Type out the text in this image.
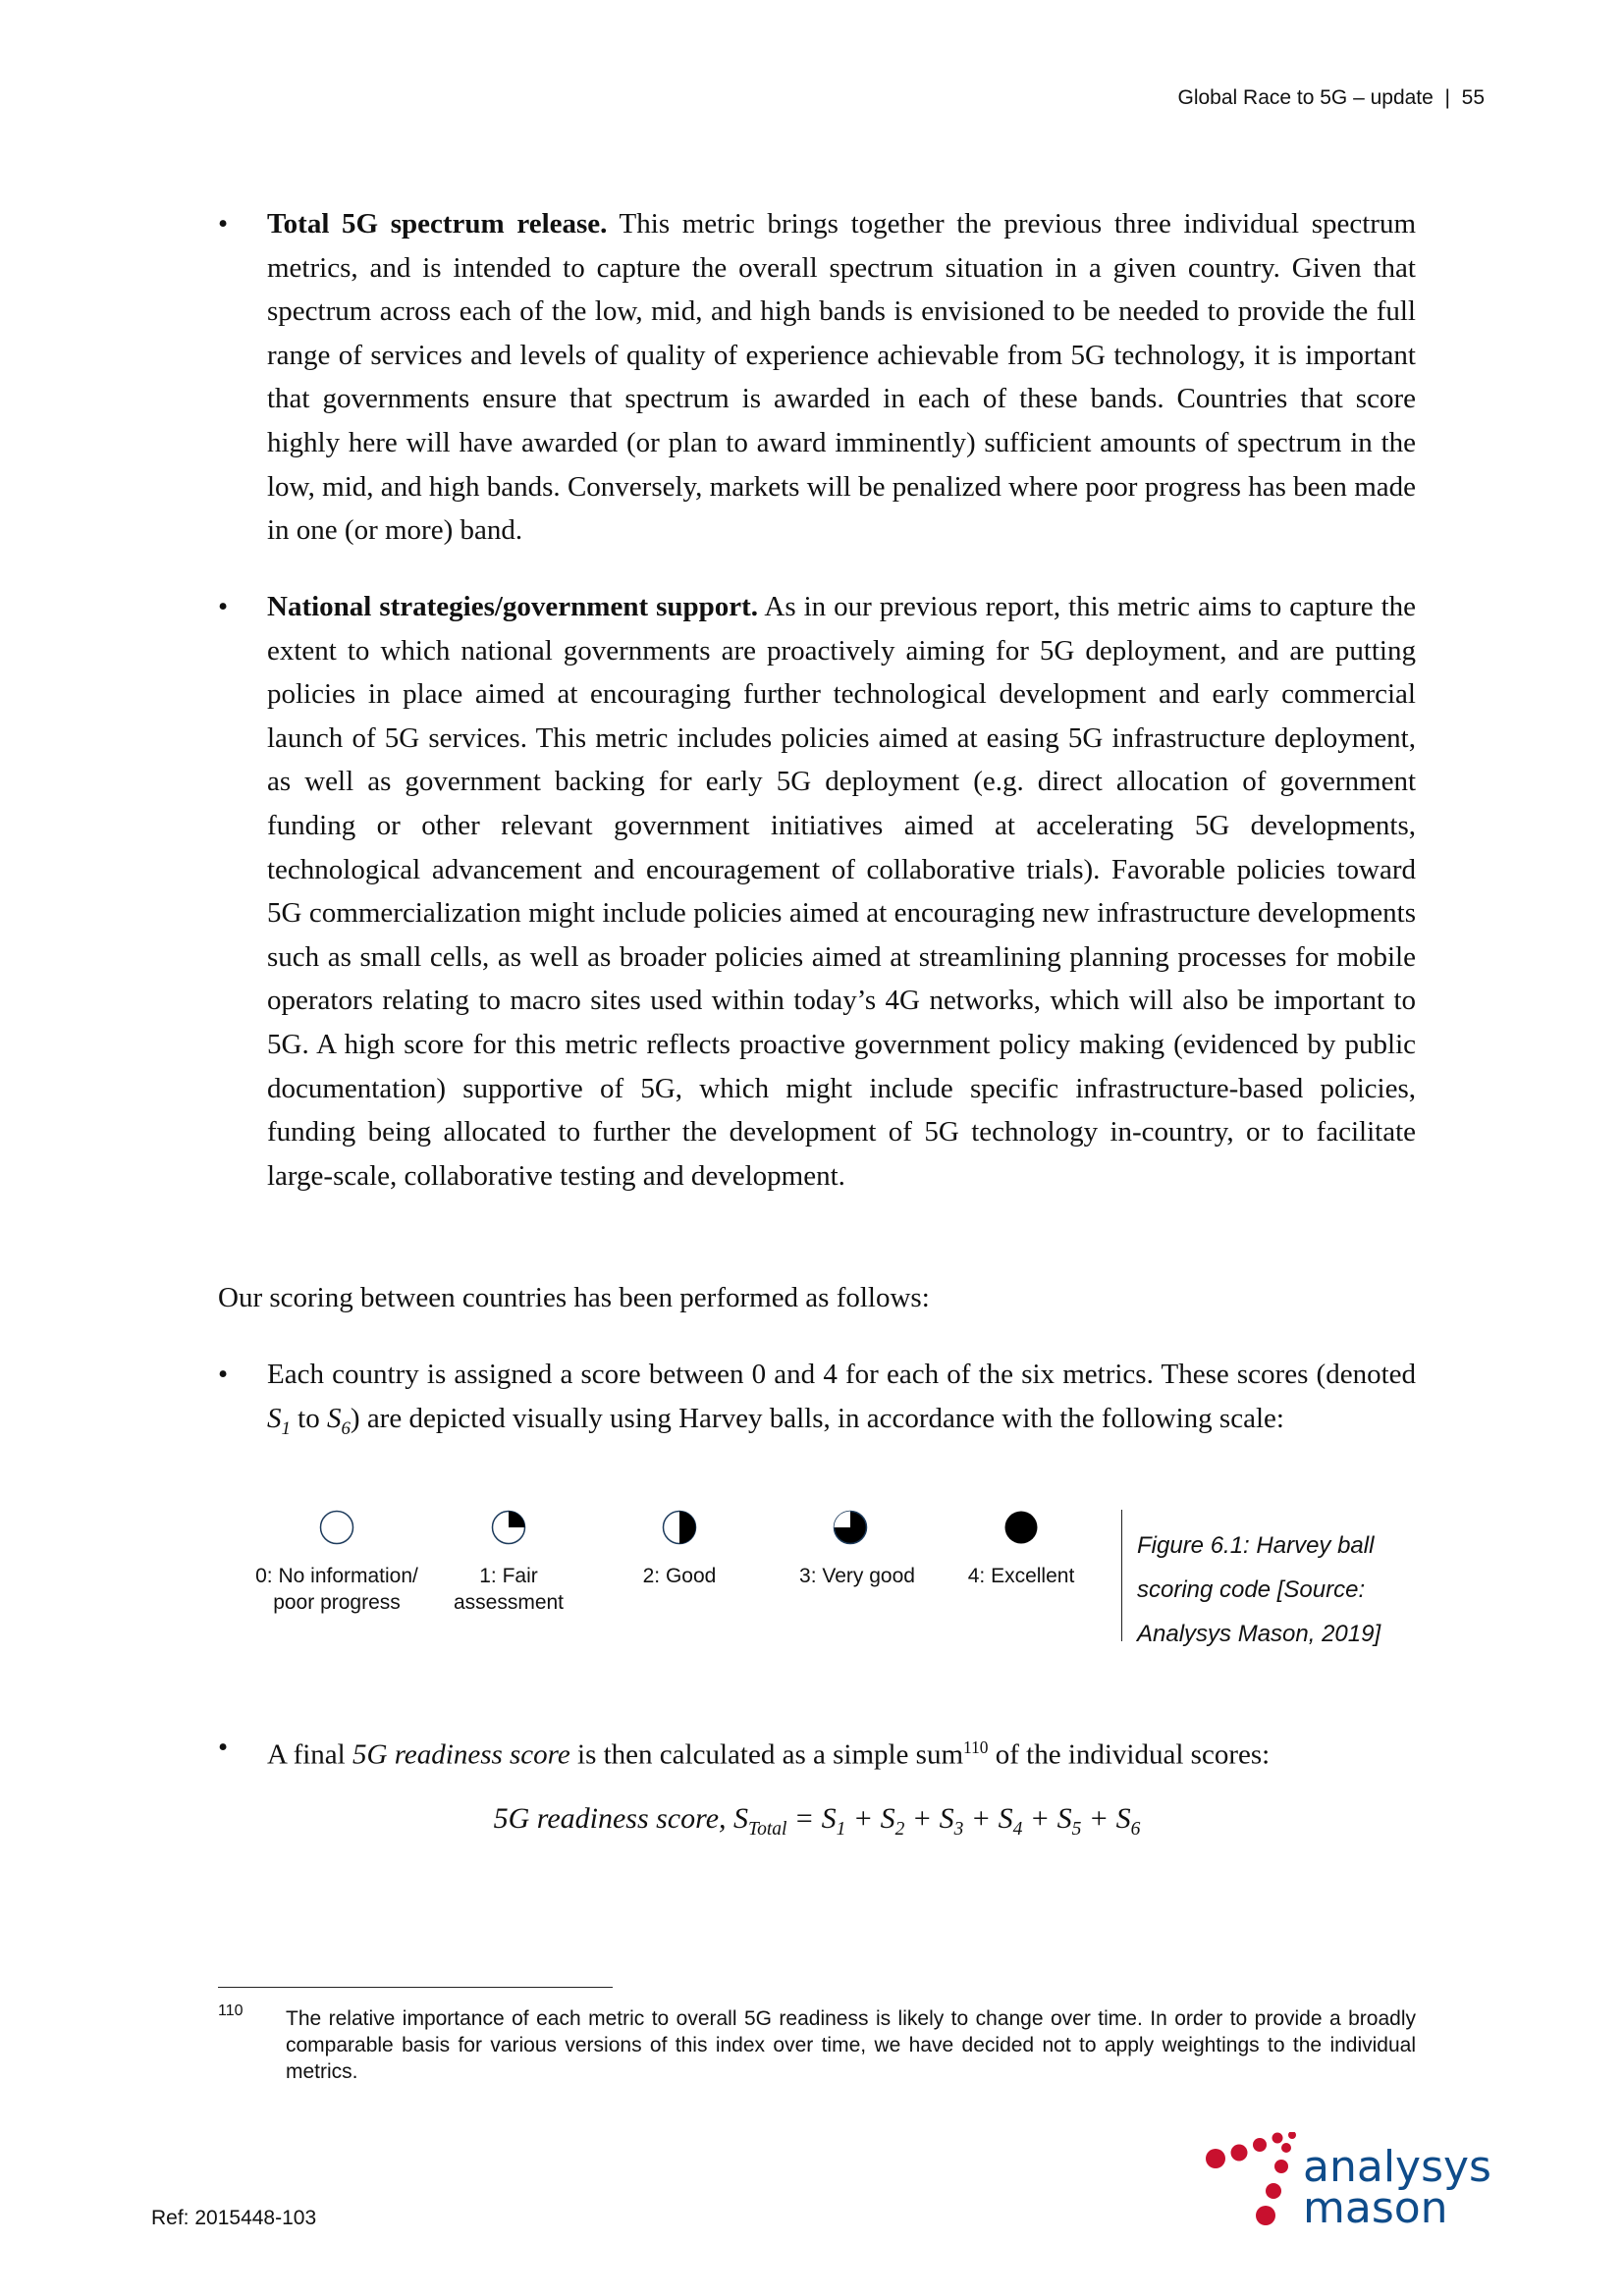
Global Race to 5G – update | 55
• Total 5G spectrum release. This metric brings together the previous three individual spectrum metrics, and is intended to capture the overall spectrum situation in a given country. Given that spectrum across each of the low, mid, and high bands is envisioned to be needed to provide the full range of services and levels of quality of experience achievable from 5G technology, it is important that governments ensure that spectrum is awarded in each of these bands. Countries that score highly here will have awarded (or plan to award imminently) sufficient amounts of spectrum in the low, mid, and high bands. Conversely, markets will be penalized where poor progress has been made in one (or more) band.
• National strategies/government support. As in our previous report, this metric aims to capture the extent to which national governments are proactively aiming for 5G deployment, and are putting policies in place aimed at encouraging further technological development and early commercial launch of 5G services. This metric includes policies aimed at easing 5G infrastructure deployment, as well as government backing for early 5G deployment (e.g. direct allocation of government funding or other relevant government initiatives aimed at accelerating 5G developments, technological advancement and encouragement of collaborative trials). Favorable policies toward 5G commercialization might include policies aimed at encouraging new infrastructure developments such as small cells, as well as broader policies aimed at streamlining planning processes for mobile operators relating to macro sites used within today’s 4G networks, which will also be important to 5G. A high score for this metric reflects proactive government policy making (evidenced by public documentation) supportive of 5G, which might include specific infrastructure-based policies, funding being allocated to further the development of 5G technology in-country, or to facilitate large-scale, collaborative testing and development.
Our scoring between countries has been performed as follows:
• Each country is assigned a score between 0 and 4 for each of the six metrics. These scores (denoted $S_1$ to $S_6$) are depicted visually using Harvey balls, in accordance with the following scale:
0: No information/ poor progress
1: Fair assessment
2: Good	3: Very good	4: Excellent
Figure 6.1: Harvey ball
scoring code [Source:
Analysys Mason, 2019]
• A final 5G readiness score is then calculated as a simple sum$^{110}$ of the individual scores:
5G readiness score, $S_{Total} = S_1 + S_2 + S_3 + S_4 + S_5 + S_6$
110 The relative importance of each metric to overall 5G readiness is likely to change over time. In order to provide a broadly comparable basis for various versions of this index over time, we have decided not to apply weightings to the individual metrics.
Ref: 2015448-103
analysys
mason
